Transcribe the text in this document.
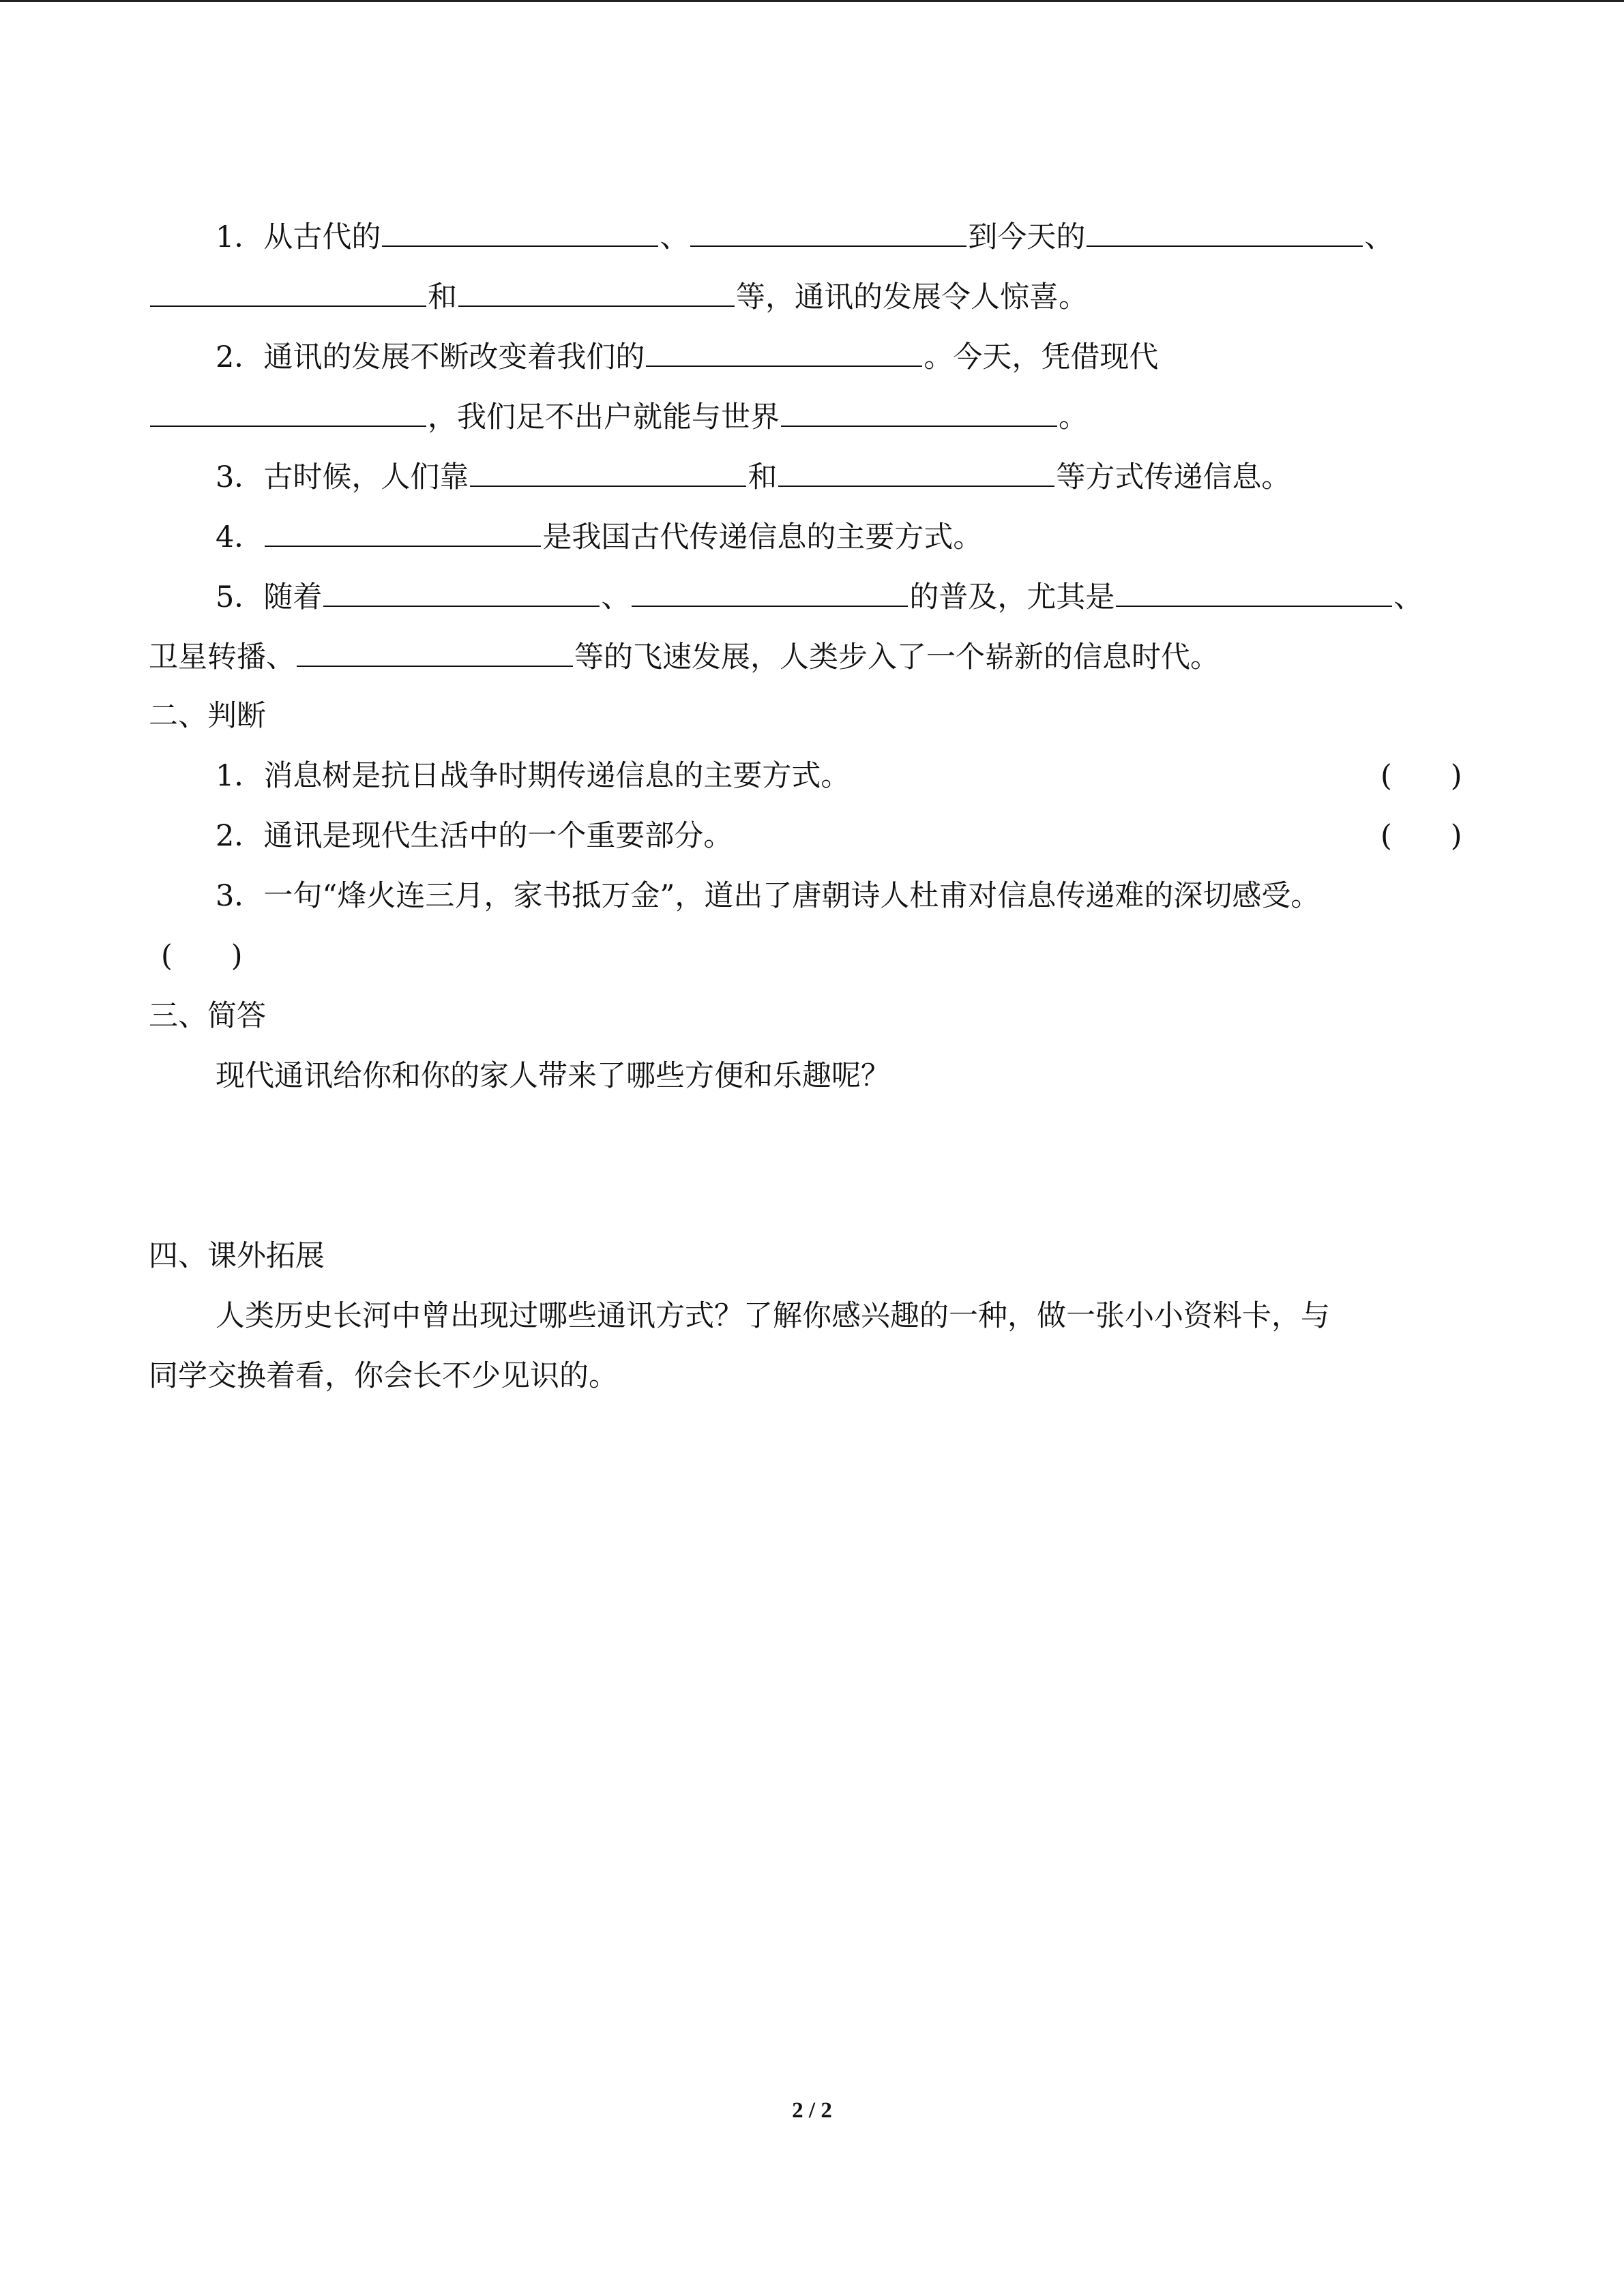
1．从古代的	、	到今天的	、
和	等，通讯的发展令人惊喜。
2．通讯的发展不断改变着我们的	。今天，凭借现代
，我们足不出户就能与世界	。
3．古时候，人们靠	和	等方式传递信息。
4．	是我国古代传递信息的主要方式。
5．随着	、	的普及，尤其是	、
卫星转播、	等的飞速发展，人类步入了一个崭新的信息时代。
二、判断
1．消息树是抗日战争时期传递信息的主要方式。	(　　)
2．通讯是现代生活中的一个重要部分。	(　　)
3．一句“烽火连三月，家书抵万金”，道出了唐朝诗人杜甫对信息传递难的深切感受。
(　　)
三、简答
现代通讯给你和你的家人带来了哪些方便和乐趣呢？
四、课外拓展
人类历史长河中曾出现过哪些通讯方式？了解你感兴趣的一种，做一张小小资料卡，与
同学交换着看，你会长不少见识的。
2 / 2
